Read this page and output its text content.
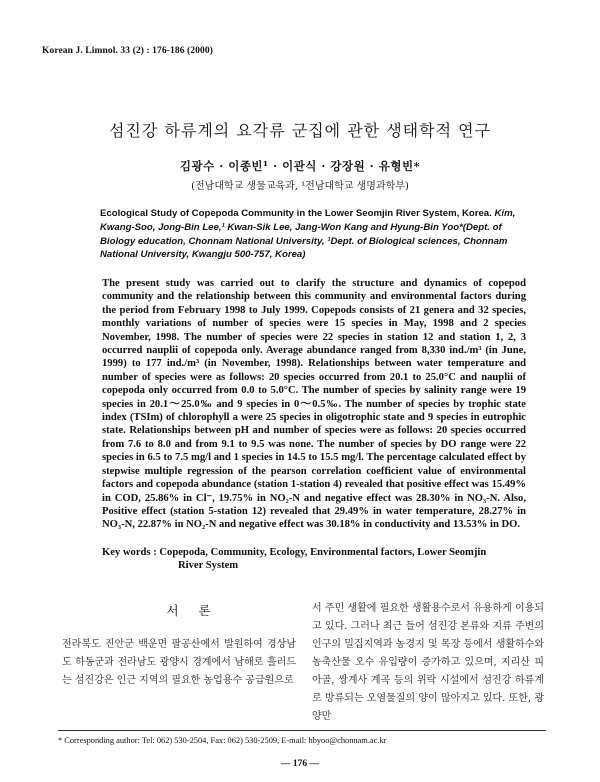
Korean J. Limnol. 33 (2) : 176-186 (2000)
섬진강 하류계의 요각류 군집에 관한 생태학적 연구
김광수 · 이종빈¹ · 이관식 · 강장원 · 유형빈*
(전남대학교 생물교육과, ¹전남대학교 생명과학부)
Ecological Study of Copepoda Community in the Lower Seomjin River System, Korea. Kim, Kwang-Soo, Jong-Bin Lee,¹ Kwan-Sik Lee, Jang-Won Kang and Hyung-Bin Yoo*(Dept. of Biology education, Chonnam National University, ¹Dept. of Biological sciences, Chonnam National University, Kwangju 500-757, Korea)
The present study was carried out to clarify the structure and dynamics of copepod community and the relationship between this community and environmental factors during the period from February 1998 to July 1999. Copepods consists of 21 genera and 32 species, monthly variations of number of species were 15 species in May, 1998 and 2 species November, 1998. The number of species were 22 species in station 12 and station 1, 2, 3 occurred nauplii of copepoda only. Average abundance ranged from 8,330 ind./m³ (in June, 1999) to 177 ind./m³ (in November, 1998). Relationships between water temperature and number of species were as follows: 20 species occurred from 20.1 to 25.0°C and nauplii of copepoda only occurred from 0.0 to 5.0°C. The number of species by salinity range were 19 species in 20.1～25.0‰ and 9 species in 0～0.5‰. The number of species by trophic state index (TSIm) of chlorophyll a were 25 species in oligotrophic state and 9 species in eutrophic state. Relationships between pH and number of species were as follows: 20 species occurred from 7.6 to 8.0 and from 9.1 to 9.5 was none. The number of species by DO range were 22 species in 6.5 to 7.5 mg/l and 1 species in 14.5 to 15.5 mg/l. The percentage calculated effect by stepwise multiple regression of the pearson correlation coefficient value of environmental factors and copepoda abundance (station 1-station 4) revealed that positive effect was 15.49% in COD, 25.86% in Cl⁻, 19.75% in NO₂-N and negative effect was 28.30% in NO₃-N. Also, Positive effect (station 5-station 12) revealed that 29.49% in water temperature, 28.27% in NO₃-N, 22.87% in NO₂-N and negative effect was 30.18% in conductivity and 13.53% in DO.
Key words : Copepoda, Community, Ecology, Environmental factors, Lower Seomjin
River System
서 론
전라북도 진안군 백운면 팔공산에서 발원하여 경상남도 하동군과 전라남도 광양시 경계에서 남해로 흘러드는 섬진강은 인근 지역의 필요한 농업용수 공급원으로
서 주민 생활에 필요한 생활용수로서 유용하게 이용되고 있다. 그러나 최근 들어 섬진강 본류와 지류 주변의 인구의 밀집지역과 농경지 및 목장 등에서 생활하수와 농축산물 오수 유입량이 증가하고 있으며, 지리산 피아골, 쌍계사 계곡 등의 위락 시설에서 섬진강 하류계로 방류되는 오염물질의 양이 많아지고 있다. 또한, 광양만
* Corresponding author: Tel: 062) 530-2504, Fax: 062) 530-2509, E-mail: hbyoo@chonnam.ac.kr
— 176 —
